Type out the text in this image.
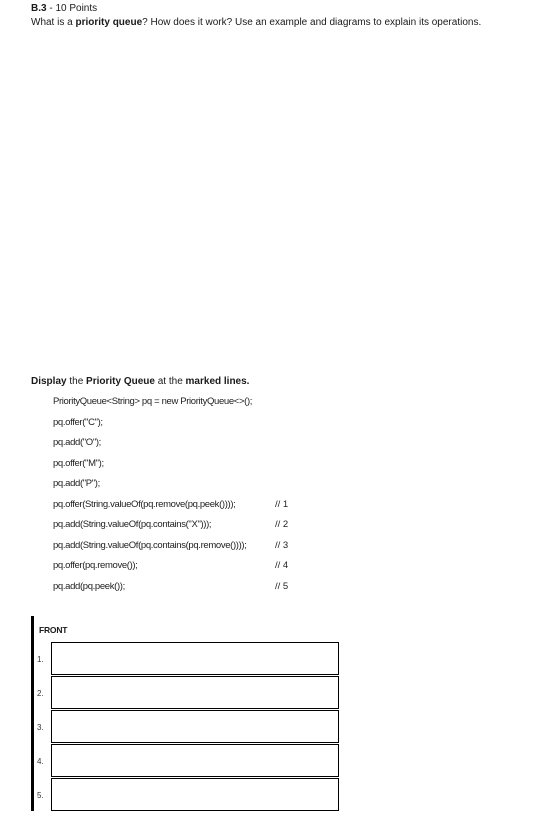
B.3 - 10 Points
What is a priority queue? How does it work? Use an example and diagrams to explain its operations.
Display the Priority Queue at the marked lines.
PriorityQueue<String> pq = new PriorityQueue<>();
pq.offer("C");
pq.add("O");
pq.offer("M");
pq.add("P");
pq.offer(String.valueOf(pq.remove(pq.peek())));	// 1
pq.add(String.valueOf(pq.contains("X")));	// 2
pq.add(String.valueOf(pq.contains(pq.remove())));	// 3
pq.offer(pq.remove());	// 4
pq.add(pq.peek());	// 5
FRONT
1.
2.
3.
4.
5.
